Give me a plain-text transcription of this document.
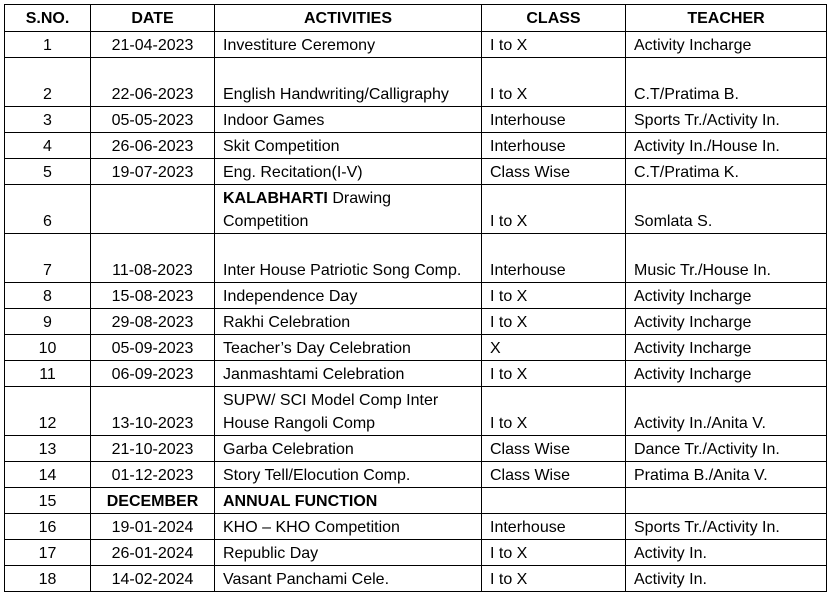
S.NO.	DATE	ACTIVITIES	CLASS	TEACHER
1	21-04-2023	Investiture Ceremony	I to X	Activity Incharge
2	22-06-2023	English Handwriting/Calligraphy	I to X	C.T/Pratima B.
3	05-05-2023	Indoor Games	Interhouse	Sports Tr./Activity In.
4	26-06-2023	Skit Competition	Interhouse	Activity In./House In.
5	19-07-2023	Eng. Recitation(I-V)	Class Wise	C.T/Pratima K.
6		KALABHARTI Drawing Competition	I to X	Somlata S.
7	11-08-2023	Inter House Patriotic Song Comp.	Interhouse	Music Tr./House In.
8	15-08-2023	Independence Day	I to X	Activity Incharge
9	29-08-2023	Rakhi Celebration	I to X	Activity Incharge
10	05-09-2023	Teacher’s Day Celebration	X	Activity Incharge
11	06-09-2023	Janmashtami Celebration	I to X	Activity Incharge
12	13-10-2023	SUPW/ SCI Model Comp Inter House Rangoli Comp	I to X	Activity In./Anita V.
13	21-10-2023	Garba Celebration	Class Wise	Dance Tr./Activity In.
14	01-12-2023	Story Tell/Elocution Comp.	Class Wise	Pratima B./Anita V.
15	DECEMBER	ANNUAL FUNCTION		
16	19-01-2024	KHO – KHO Competition	Interhouse	Sports Tr./Activity In.
17	26-01-2024	Republic Day	I to X	Activity In.
18	14-02-2024	Vasant Panchami Cele.	I to X	Activity In.
